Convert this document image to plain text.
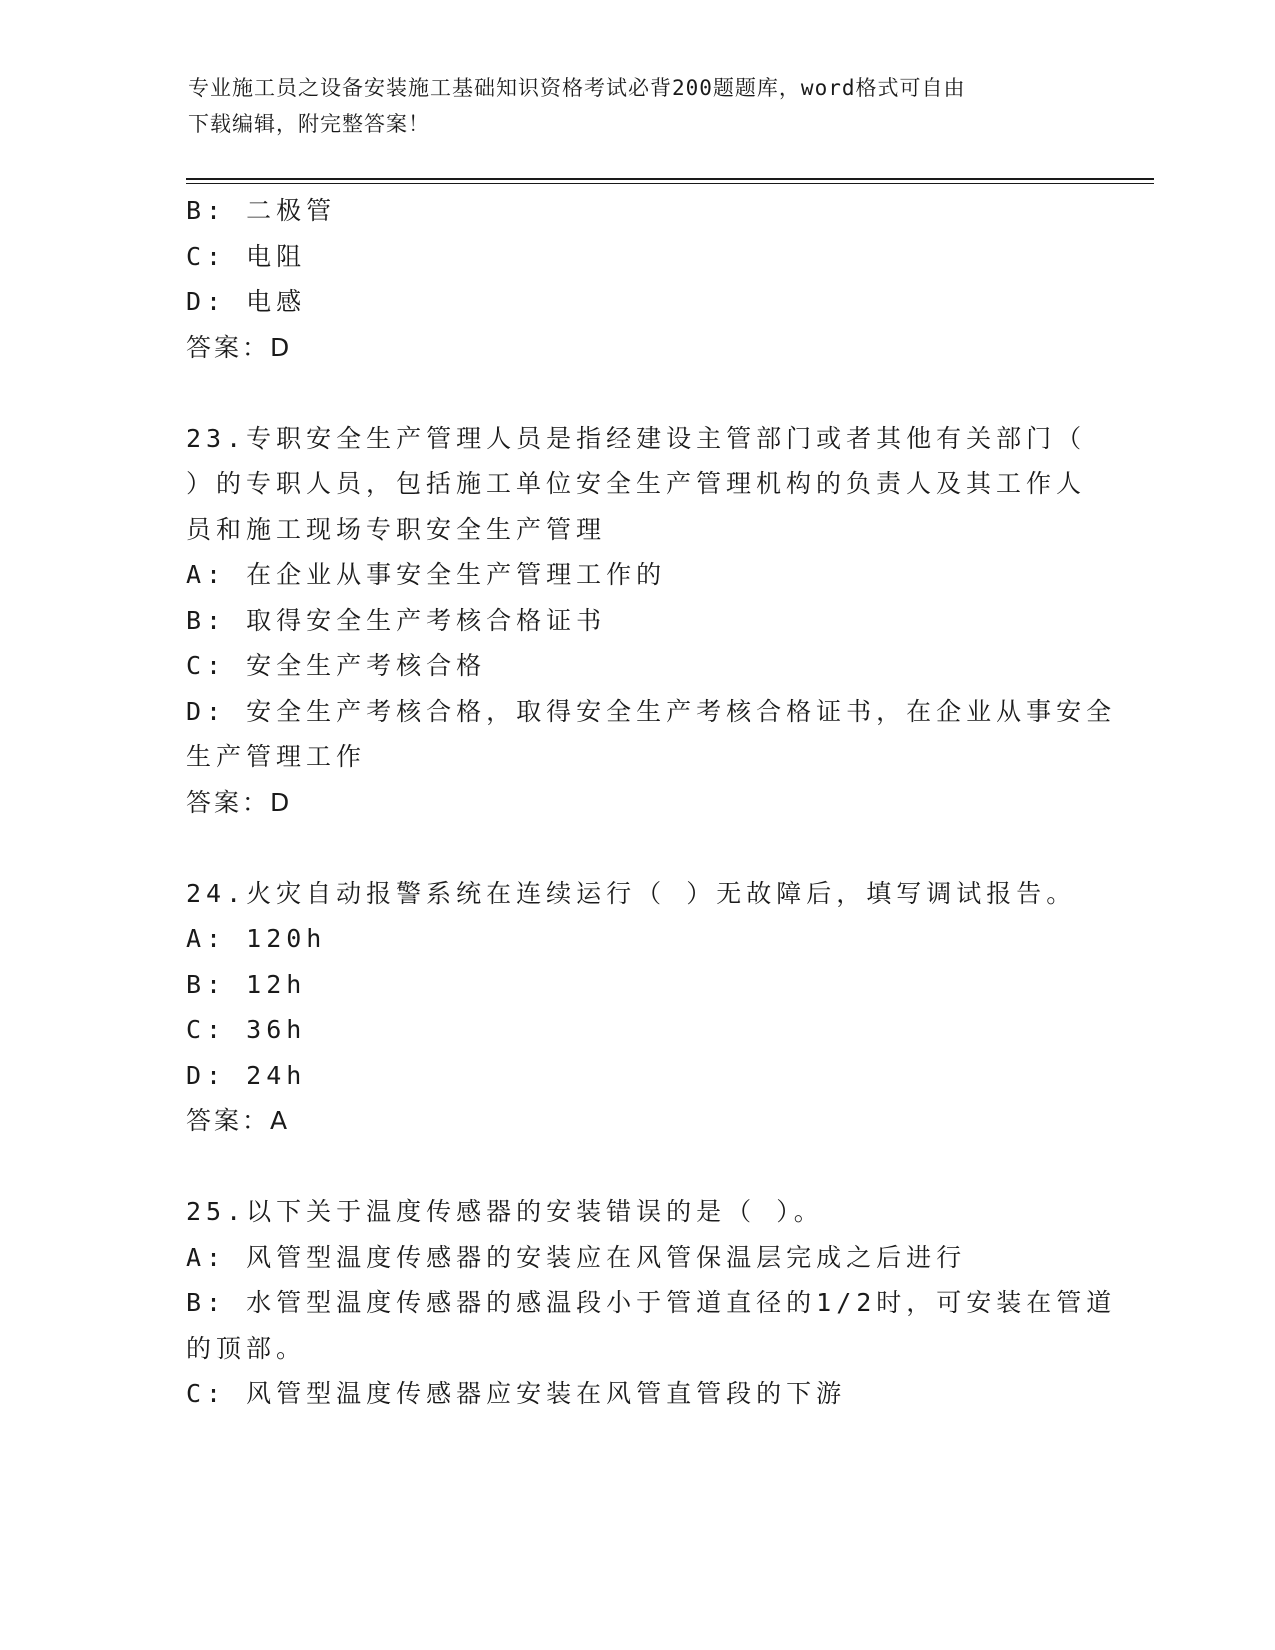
专业施工员之设备安装施工基础知识资格考试必背200题题库，word格式可自由
下载编辑，附完整答案！
B: 二极管
C: 电阻
D: 电感
答案：D
23.专职安全生产管理人员是指经建设主管部门或者其他有关部门（
）的专职人员，包括施工单位安全生产管理机构的负责人及其工作人
员和施工现场专职安全生产管理
A: 在企业从事安全生产管理工作的
B: 取得安全生产考核合格证书
C: 安全生产考核合格
D: 安全生产考核合格，取得安全生产考核合格证书，在企业从事安全
生产管理工作
答案：D
24.火灾自动报警系统在连续运行（ ）无故障后，填写调试报告。
A: 120h
B: 12h
C: 36h
D: 24h
答案：A
25.以下关于温度传感器的安装错误的是（ ）。
A: 风管型温度传感器的安装应在风管保温层完成之后进行
B: 水管型温度传感器的感温段小于管道直径的1/2时，可安装在管道
的顶部。
C: 风管型温度传感器应安装在风管直管段的下游
